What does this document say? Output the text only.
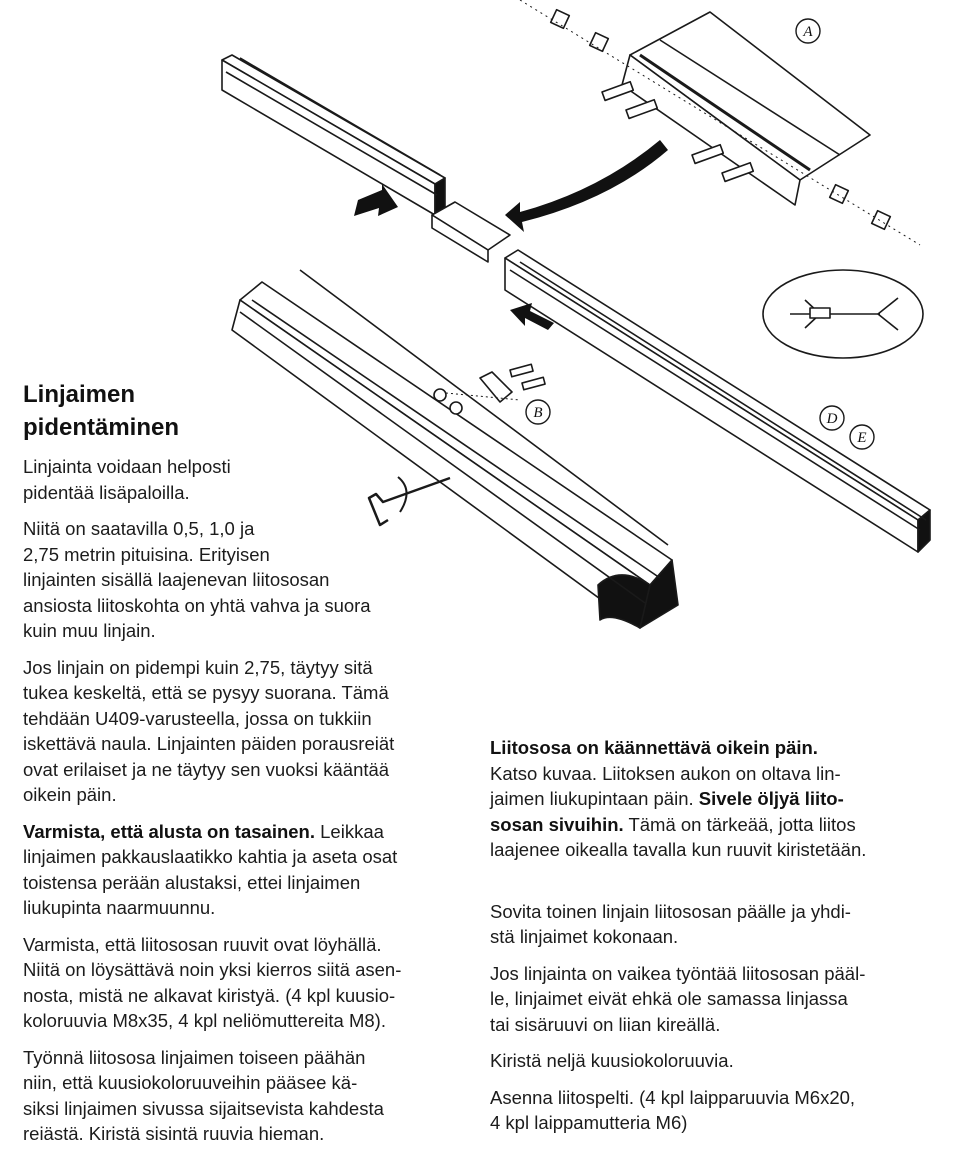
A
B	D
E
Linjaimen
pidentäminen

Linjainta voidaan helposti
pidentää lisäpaloilla.

Niitä on saatavilla 0,5, 1,0 ja
2,75 metrin pituisina. Erityisen
linjainten sisällä laajenevan liitososan
ansiosta liitoskohta on yhtä vahva ja suora
kuin muu linjain.

Jos linjain on pidempi kuin 2,75, täytyy sitä
tukea keskeltä, että se pysyy suorana. Tämä
tehdään U409-varusteella, jossa on tukkiin
iskettävä naula. Linjainten päiden porausreiät
ovat erilaiset ja ne täytyy sen vuoksi kääntää
oikein päin.

Varmista, että alusta on tasainen. Leikkaa
linjaimen pakkauslaatikko kahtia ja aseta osat
toistensa perään alustaksi, ettei linjaimen
liukupinta naarmuunnu.

Varmista, että liitososan ruuvit ovat löyhällä.
Niitä on löysättävä noin yksi kierros siitä asen-
nosta, mistä ne alkavat kiristyä. (4 kpl kuusio-
koloruuvia M8x35, 4 kpl neliömuttereita M8).

Työnnä liitososa linjaimen toiseen päähän
niin, että kuusiokoloruuveihin pääsee kä-
siksi linjaimen sivussa sijaitsevista kahdesta
reiästä. Kiristä sisintä ruuvia hieman.

Liitososa on käännettävä oikein päin.
Katso kuvaa. Liitoksen aukon on oltava lin-
jaimen liukupintaan päin. Sivele öljyä liito-
sosan sivuihin. Tämä on tärkeää, jotta liitos
laajenee oikealla tavalla kun ruuvit kiristetään.

Sovita toinen linjain liitososan päälle ja yhdi-
stä linjaimet kokonaan.

Jos linjainta on vaikea työntää liitososan pääl-
le, linjaimet eivät ehkä ole samassa linjassa
tai sisäruuvi on liian kireällä.

Kiristä neljä kuusiokoloruuvia.

Asenna liitospelti. (4 kpl laipparuuvia M6x20,
4 kpl laippamutteria M6)
